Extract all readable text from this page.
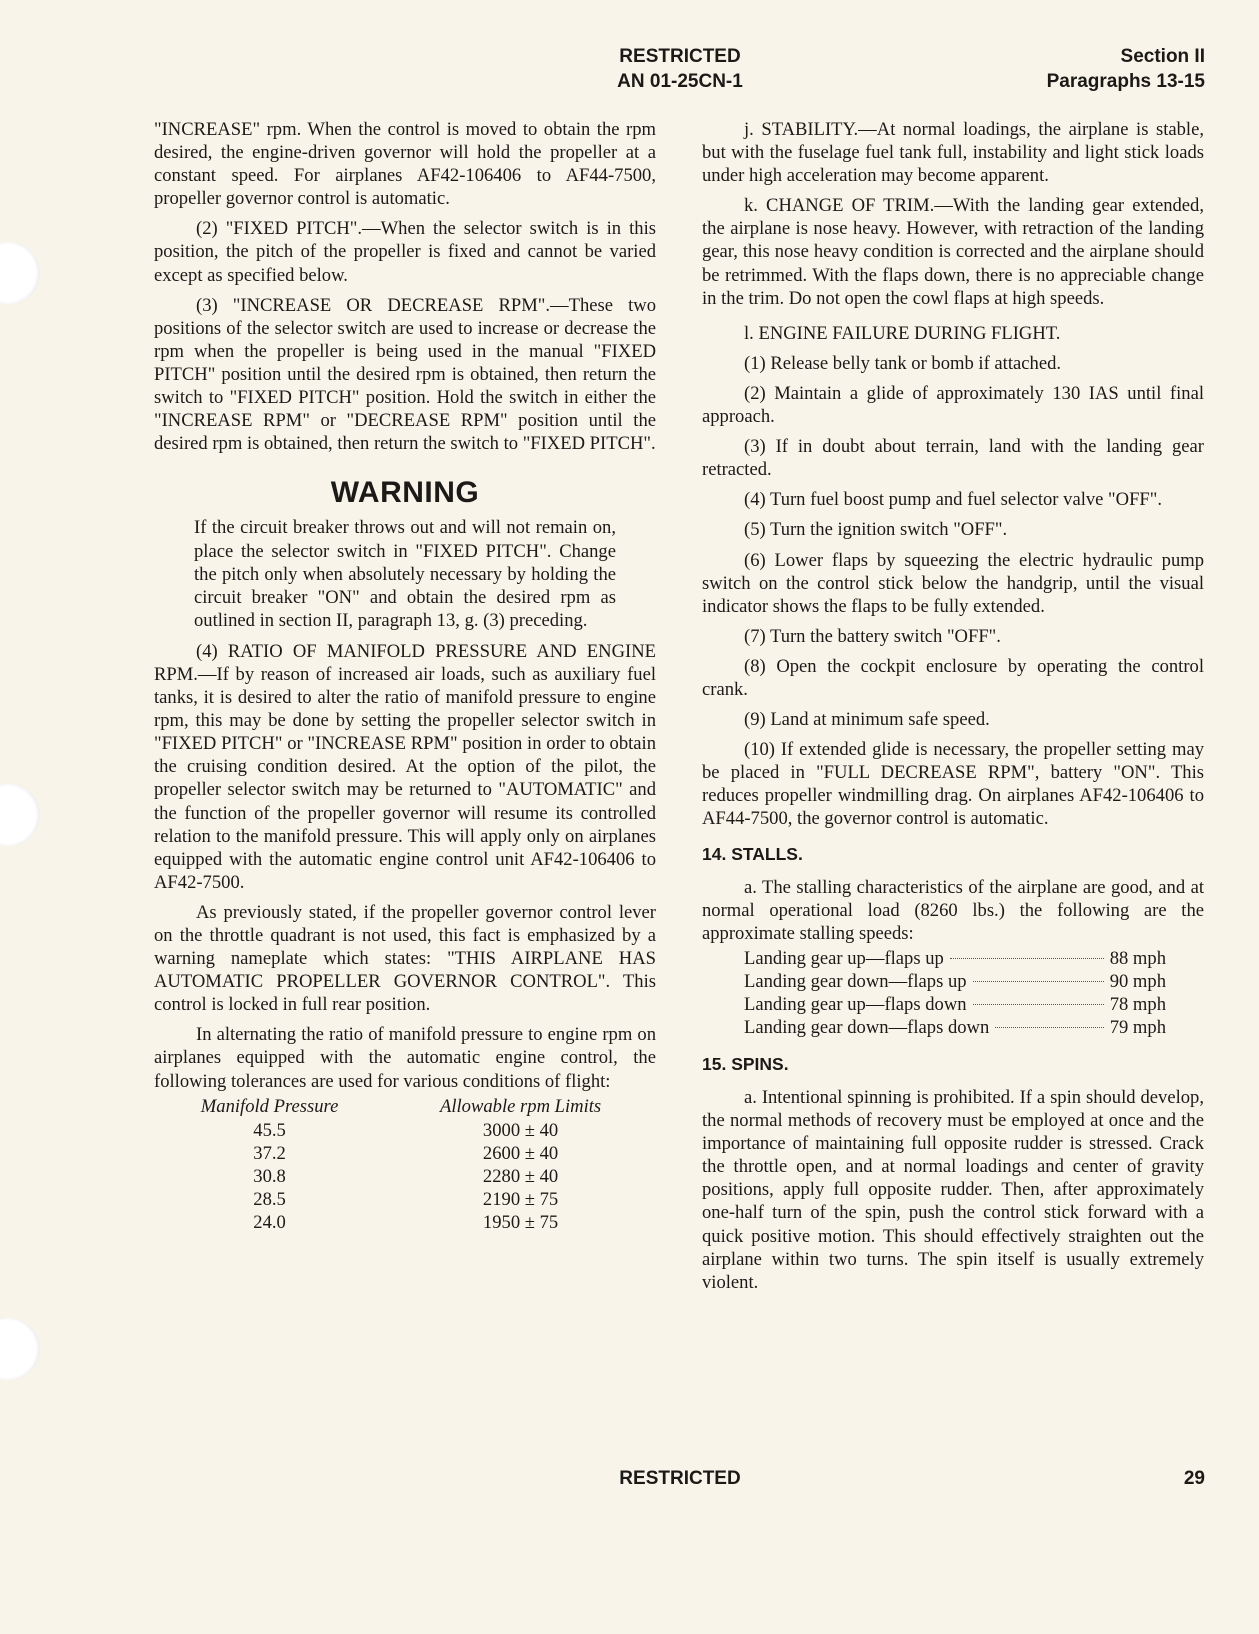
RESTRICTED
AN 01-25CN-1
Section II
Paragraphs 13-15

"INCREASE" rpm. When the control is moved to obtain the rpm desired, the engine-driven governor will hold the propeller at a constant speed. For airplanes AF42-106406 to AF44-7500, propeller governor control is automatic.

(2) "FIXED PITCH".—When the selector switch is in this position, the pitch of the propeller is fixed and cannot be varied except as specified below.

(3) "INCREASE OR DECREASE RPM".—These two positions of the selector switch are used to increase or decrease the rpm when the propeller is being used in the manual "FIXED PITCH" position until the desired rpm is obtained, then return the switch to "FIXED PITCH" position. Hold the switch in either the "INCREASE RPM" or "DECREASE RPM" position until the desired rpm is obtained, then return the switch to "FIXED PITCH".

WARNING

If the circuit breaker throws out and will not remain on, place the selector switch in "FIXED PITCH". Change the pitch only when absolutely necessary by holding the circuit breaker "ON" and obtain the desired rpm as outlined in section II, paragraph 13, g. (3) preceding.

(4) RATIO OF MANIFOLD PRESSURE AND ENGINE RPM.—If by reason of increased air loads, such as auxiliary fuel tanks, it is desired to alter the ratio of manifold pressure to engine rpm, this may be done by setting the propeller selector switch in "FIXED PITCH" or "INCREASE RPM" position in order to obtain the cruising condition desired. At the option of the pilot, the propeller selector switch may be returned to "AUTOMATIC" and the function of the propeller governor will resume its controlled relation to the manifold pressure. This will apply only on airplanes equipped with the automatic engine control unit AF42-106406 to AF42-7500.

As previously stated, if the propeller governor control lever on the throttle quadrant is not used, this fact is emphasized by a warning nameplate which states: "THIS AIRPLANE HAS AUTOMATIC PROPELLER GOVERNOR CONTROL". This control is locked in full rear position.

In alternating the ratio of manifold pressure to engine rpm on airplanes equipped with the automatic engine control, the following tolerances are used for various conditions of flight:

Manifold Pressure	Allowable rpm Limits
45.5	3000 ± 40
37.2	2600 ± 40
30.8	2280 ± 40
28.5	2190 ± 75
24.0	1950 ± 75

j. STABILITY.—At normal loadings, the airplane is stable, but with the fuselage fuel tank full, instability and light stick loads under high acceleration may become apparent.

k. CHANGE OF TRIM.—With the landing gear extended, the airplane is nose heavy. However, with retraction of the landing gear, this nose heavy condition is corrected and the airplane should be retrimmed. With the flaps down, there is no appreciable change in the trim. Do not open the cowl flaps at high speeds.

l. ENGINE FAILURE DURING FLIGHT.

(1) Release belly tank or bomb if attached.

(2) Maintain a glide of approximately 130 IAS until final approach.

(3) If in doubt about terrain, land with the landing gear retracted.

(4) Turn fuel boost pump and fuel selector valve "OFF".

(5) Turn the ignition switch "OFF".

(6) Lower flaps by squeezing the electric hydraulic pump switch on the control stick below the handgrip, until the visual indicator shows the flaps to be fully extended.

(7) Turn the battery switch "OFF".

(8) Open the cockpit enclosure by operating the control crank.

(9) Land at minimum safe speed.

(10) If extended glide is necessary, the propeller setting may be placed in "FULL DECREASE RPM", battery "ON". This reduces propeller windmilling drag. On airplanes AF42-106406 to AF44-7500, the governor control is automatic.

14. STALLS.

a. The stalling characteristics of the airplane are good, and at normal operational load (8260 lbs.) the following are the approximate stalling speeds:

Landing gear up—flaps up	88 mph
Landing gear down—flaps up	90 mph
Landing gear up—flaps down	78 mph
Landing gear down—flaps down	79 mph
15. SPINS.

a. Intentional spinning is prohibited. If a spin should develop, the normal methods of recovery must be employed at once and the importance of maintaining full opposite rudder is stressed. Crack the throttle open, and at normal loadings and center of gravity positions, apply full opposite rudder. Then, after approximately one-half turn of the spin, push the control stick forward with a quick positive motion. This should effectively straighten out the airplane within two turns. The spin itself is usually extremely violent.

RESTRICTED	29
